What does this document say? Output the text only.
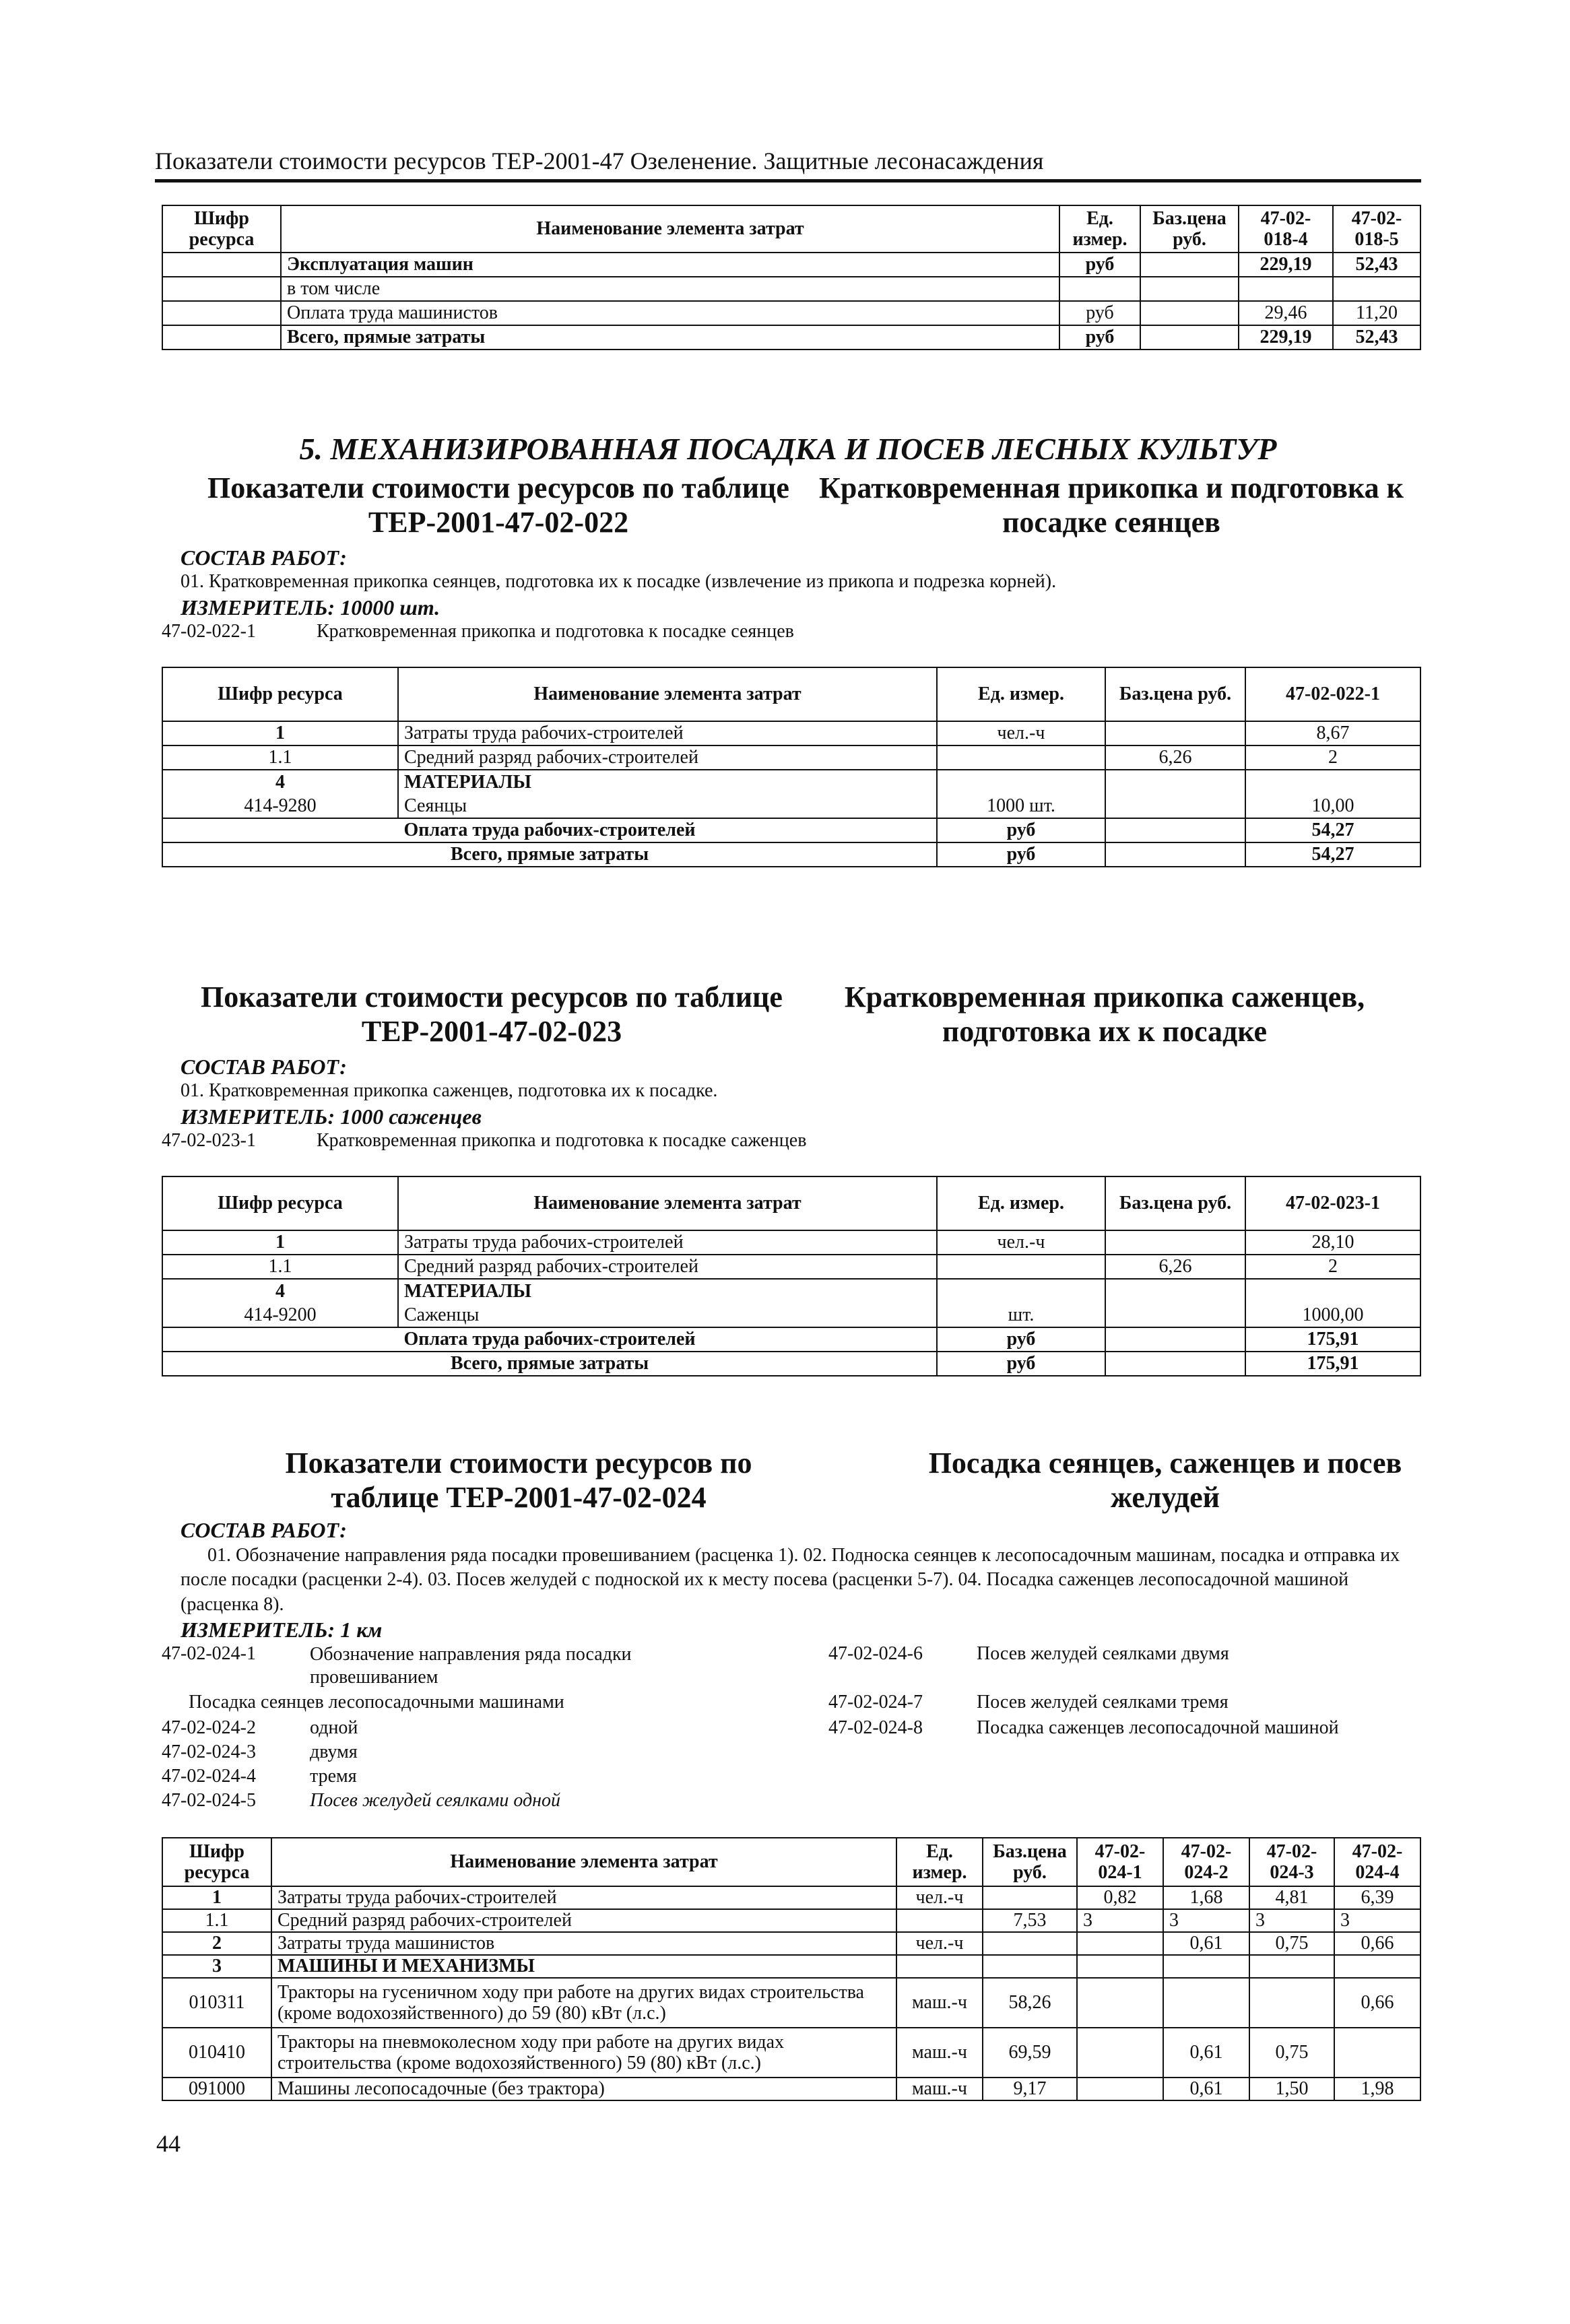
Показатели стоимости ресурсов ТЕР-2001-47 Озеленение. Защитные лесонасаждения
Шифр ресурса	Наименование элемента затрат	Ед. измер.	Баз.цена руб.	47-02-018-4	47-02-018-5
	Эксплуатация машин	руб		229,19	52,43
	в том числе				
	Оплата труда машинистов	руб		29,46	11,20
	Всего, прямые затраты	руб		229,19	52,43
5. МЕХАНИЗИРОВАННАЯ ПОСАДКА И ПОСЕВ ЛЕСНЫХ КУЛЬТУР
Показатели стоимости ресурсов по таблице ТЕР-2001-47-02-022
Кратковременная прикопка и подготовка к посадке сеянцев
СОСТАВ РАБОТ:
01. Кратковременная прикопка сеянцев, подготовка их к посадке (извлечение из прикопа и подрезка корней).
ИЗМЕРИТЕЛЬ: 10000 шт.
47-02-022-1	Кратковременная прикопка и подготовка к посадке сеянцев
Шифр ресурса	Наименование элемента затрат	Ед. измер.	Баз.цена руб.	47-02-022-1
1	Затраты труда рабочих-строителей	чел.-ч		8,67
1.1	Средний разряд рабочих-строителей		6,26	2
4	МАТЕРИАЛЫ			
414-9280	Сеянцы	1000 шт.		10,00
Оплата труда рабочих-строителей		руб		54,27
Всего, прямые затраты		руб		54,27
Показатели стоимости ресурсов по таблице ТЕР-2001-47-02-023
Кратковременная прикопка саженцев, подготовка их к посадке
СОСТАВ РАБОТ:
01. Кратковременная прикопка саженцев, подготовка их к посадке.
ИЗМЕРИТЕЛЬ: 1000 саженцев
47-02-023-1	Кратковременная прикопка и подготовка к посадке саженцев
Шифр ресурса	Наименование элемента затрат	Ед. измер.	Баз.цена руб.	47-02-023-1
1	Затраты труда рабочих-строителей	чел.-ч		28,10
1.1	Средний разряд рабочих-строителей		6,26	2
4	МАТЕРИАЛЫ			
414-9200	Саженцы	шт.		1000,00
Оплата труда рабочих-строителей		руб		175,91
Всего, прямые затраты		руб		175,91
Показатели стоимости ресурсов по таблице ТЕР-2001-47-02-024
Посадка сеянцев, саженцев и посев желудей
СОСТАВ РАБОТ:
01. Обозначение направления ряда посадки провешиванием (расценка 1). 02. Подноска сеянцев к лесопосадочным машинам, посадка и отправка их после посадки (расценки 2-4). 03. Посев желудей с подноской их к месту посева (расценки 5-7). 04. Посадка саженцев лесопосадочной машиной (расценка 8).
ИЗМЕРИТЕЛЬ: 1 км
47-02-024-1	Обозначение направления ряда посадки провешиванием
Посадка сеянцев лесопосадочными машинами
47-02-024-2	одной
47-02-024-3	двумя
47-02-024-4	тремя
47-02-024-5	Посев желудей сеялками одной
47-02-024-6	Посев желудей сеялками двумя
47-02-024-7	Посев желудей сеялками тремя
47-02-024-8	Посадка саженцев лесопосадочной машиной
Шифр ресурса	Наименование элемента затрат	Ед. измер.	Баз.цена руб.	47-02-024-1	47-02-024-2	47-02-024-3	47-02-024-4
1	Затраты труда рабочих-строителей	чел.-ч		0,82	1,68	4,81	6,39
1.1	Средний разряд рабочих-строителей		7,53	3	3	3	3
2	Затраты труда машинистов	чел.-ч			0,61	0,75	0,66
3	МАШИНЫ И МЕХАНИЗМЫ						
010311	Тракторы на гусеничном ходу при работе на других видах строительства (кроме водохозяйственного) до 59 (80) кВт (л.с.)	маш.-ч	58,26				0,66
010410	Тракторы на пневмоколесном ходу при работе на других видах строительства (кроме водохозяйственного) 59 (80) кВт (л.с.)	маш.-ч	69,59		0,61	0,75	
091000	Машины лесопосадочные (без трактора)	маш.-ч	9,17		0,61	1,50	1,98
44
